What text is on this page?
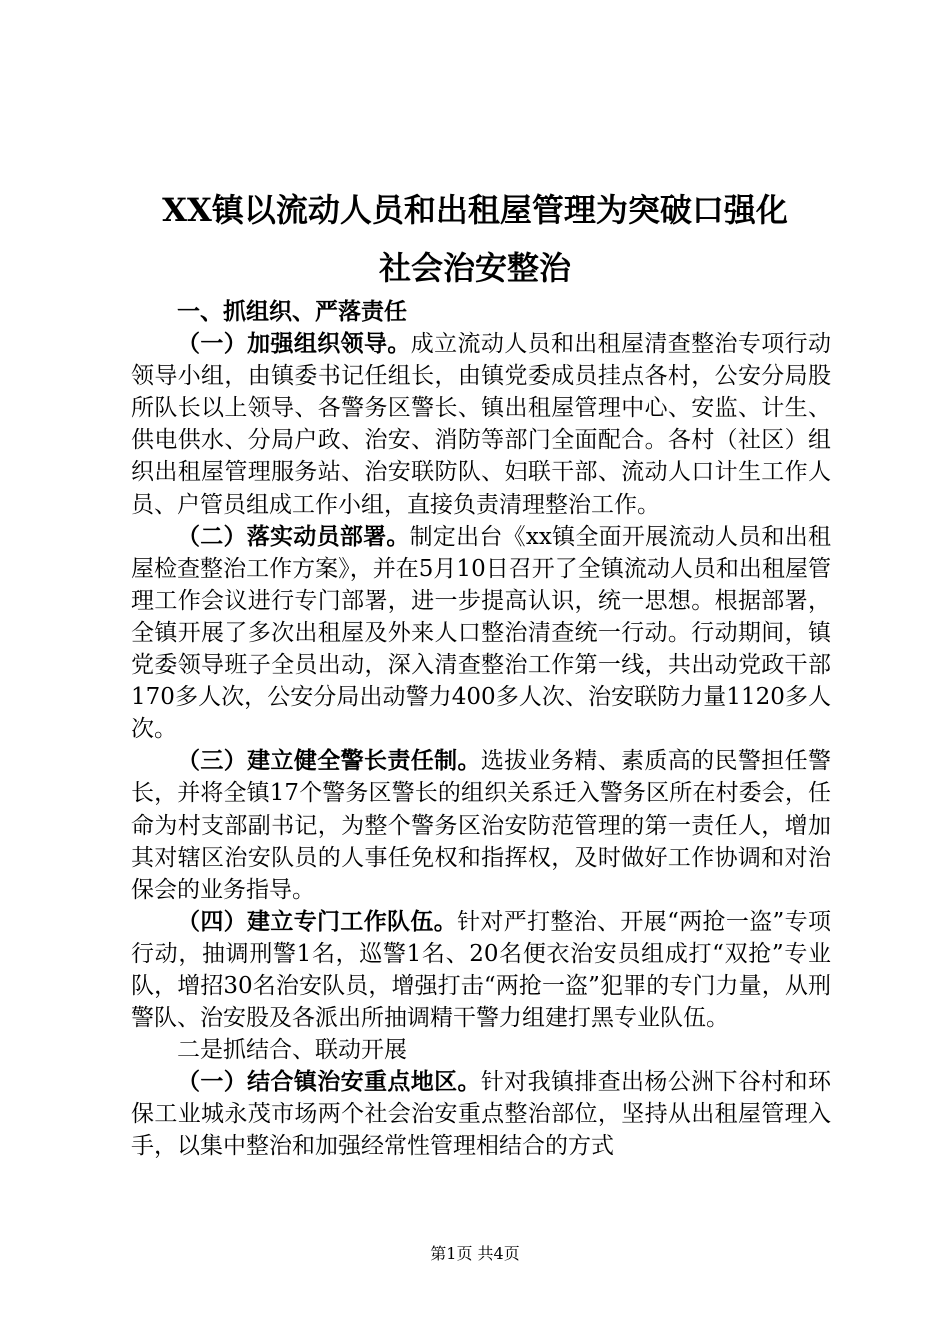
XX镇以流动人员和出租屋管理为突破口强化
社会治安整治

一、抓组织、严落责任

（一）加强组织领导。成立流动人员和出租屋清查整治专项行动领导小组，由镇委书记任组长，由镇党委成员挂点各村，公安分局股所队长以上领导、各警务区警长、镇出租屋管理中心、安监、计生、供电供水、分局户政、治安、消防等部门全面配合。各村（社区）组织出租屋管理服务站、治安联防队、妇联干部、流动人口计生工作人员、户管员组成工作小组，直接负责清理整治工作。

（二）落实动员部署。制定出台《xx镇全面开展流动人员和出租屋检查整治工作方案》，并在5月10日召开了全镇流动人员和出租屋管理工作会议进行专门部署，进一步提高认识，统一思想。根据部署，全镇开展了多次出租屋及外来人口整治清查统一行动。行动期间，镇党委领导班子全员出动，深入清查整治工作第一线，共出动党政干部170多人次，公安分局出动警力400多人次、治安联防力量1120多人次。

（三）建立健全警长责任制。选拔业务精、素质高的民警担任警长，并将全镇17个警务区警长的组织关系迁入警务区所在村委会，任命为村支部副书记，为整个警务区治安防范管理的第一责任人，增加其对辖区治安队员的人事任免权和指挥权，及时做好工作协调和对治保会的业务指导。

（四）建立专门工作队伍。针对严打整治、开展“两抢一盗”专项行动，抽调刑警1名，巡警1名、20名便衣治安员组成打“双抢”专业队，增招30名治安队员，增强打击“两抢一盗”犯罪的专门力量，从刑警队、治安股及各派出所抽调精干警力组建打黑专业队伍。

二是抓结合、联动开展

（一）结合镇治安重点地区。针对我镇排查出杨公洲下谷村和环保工业城永茂市场两个社会治安重点整治部位，坚持从出租屋管理入手，以集中整治和加强经常性管理相结合的方式

第1页 共4页
